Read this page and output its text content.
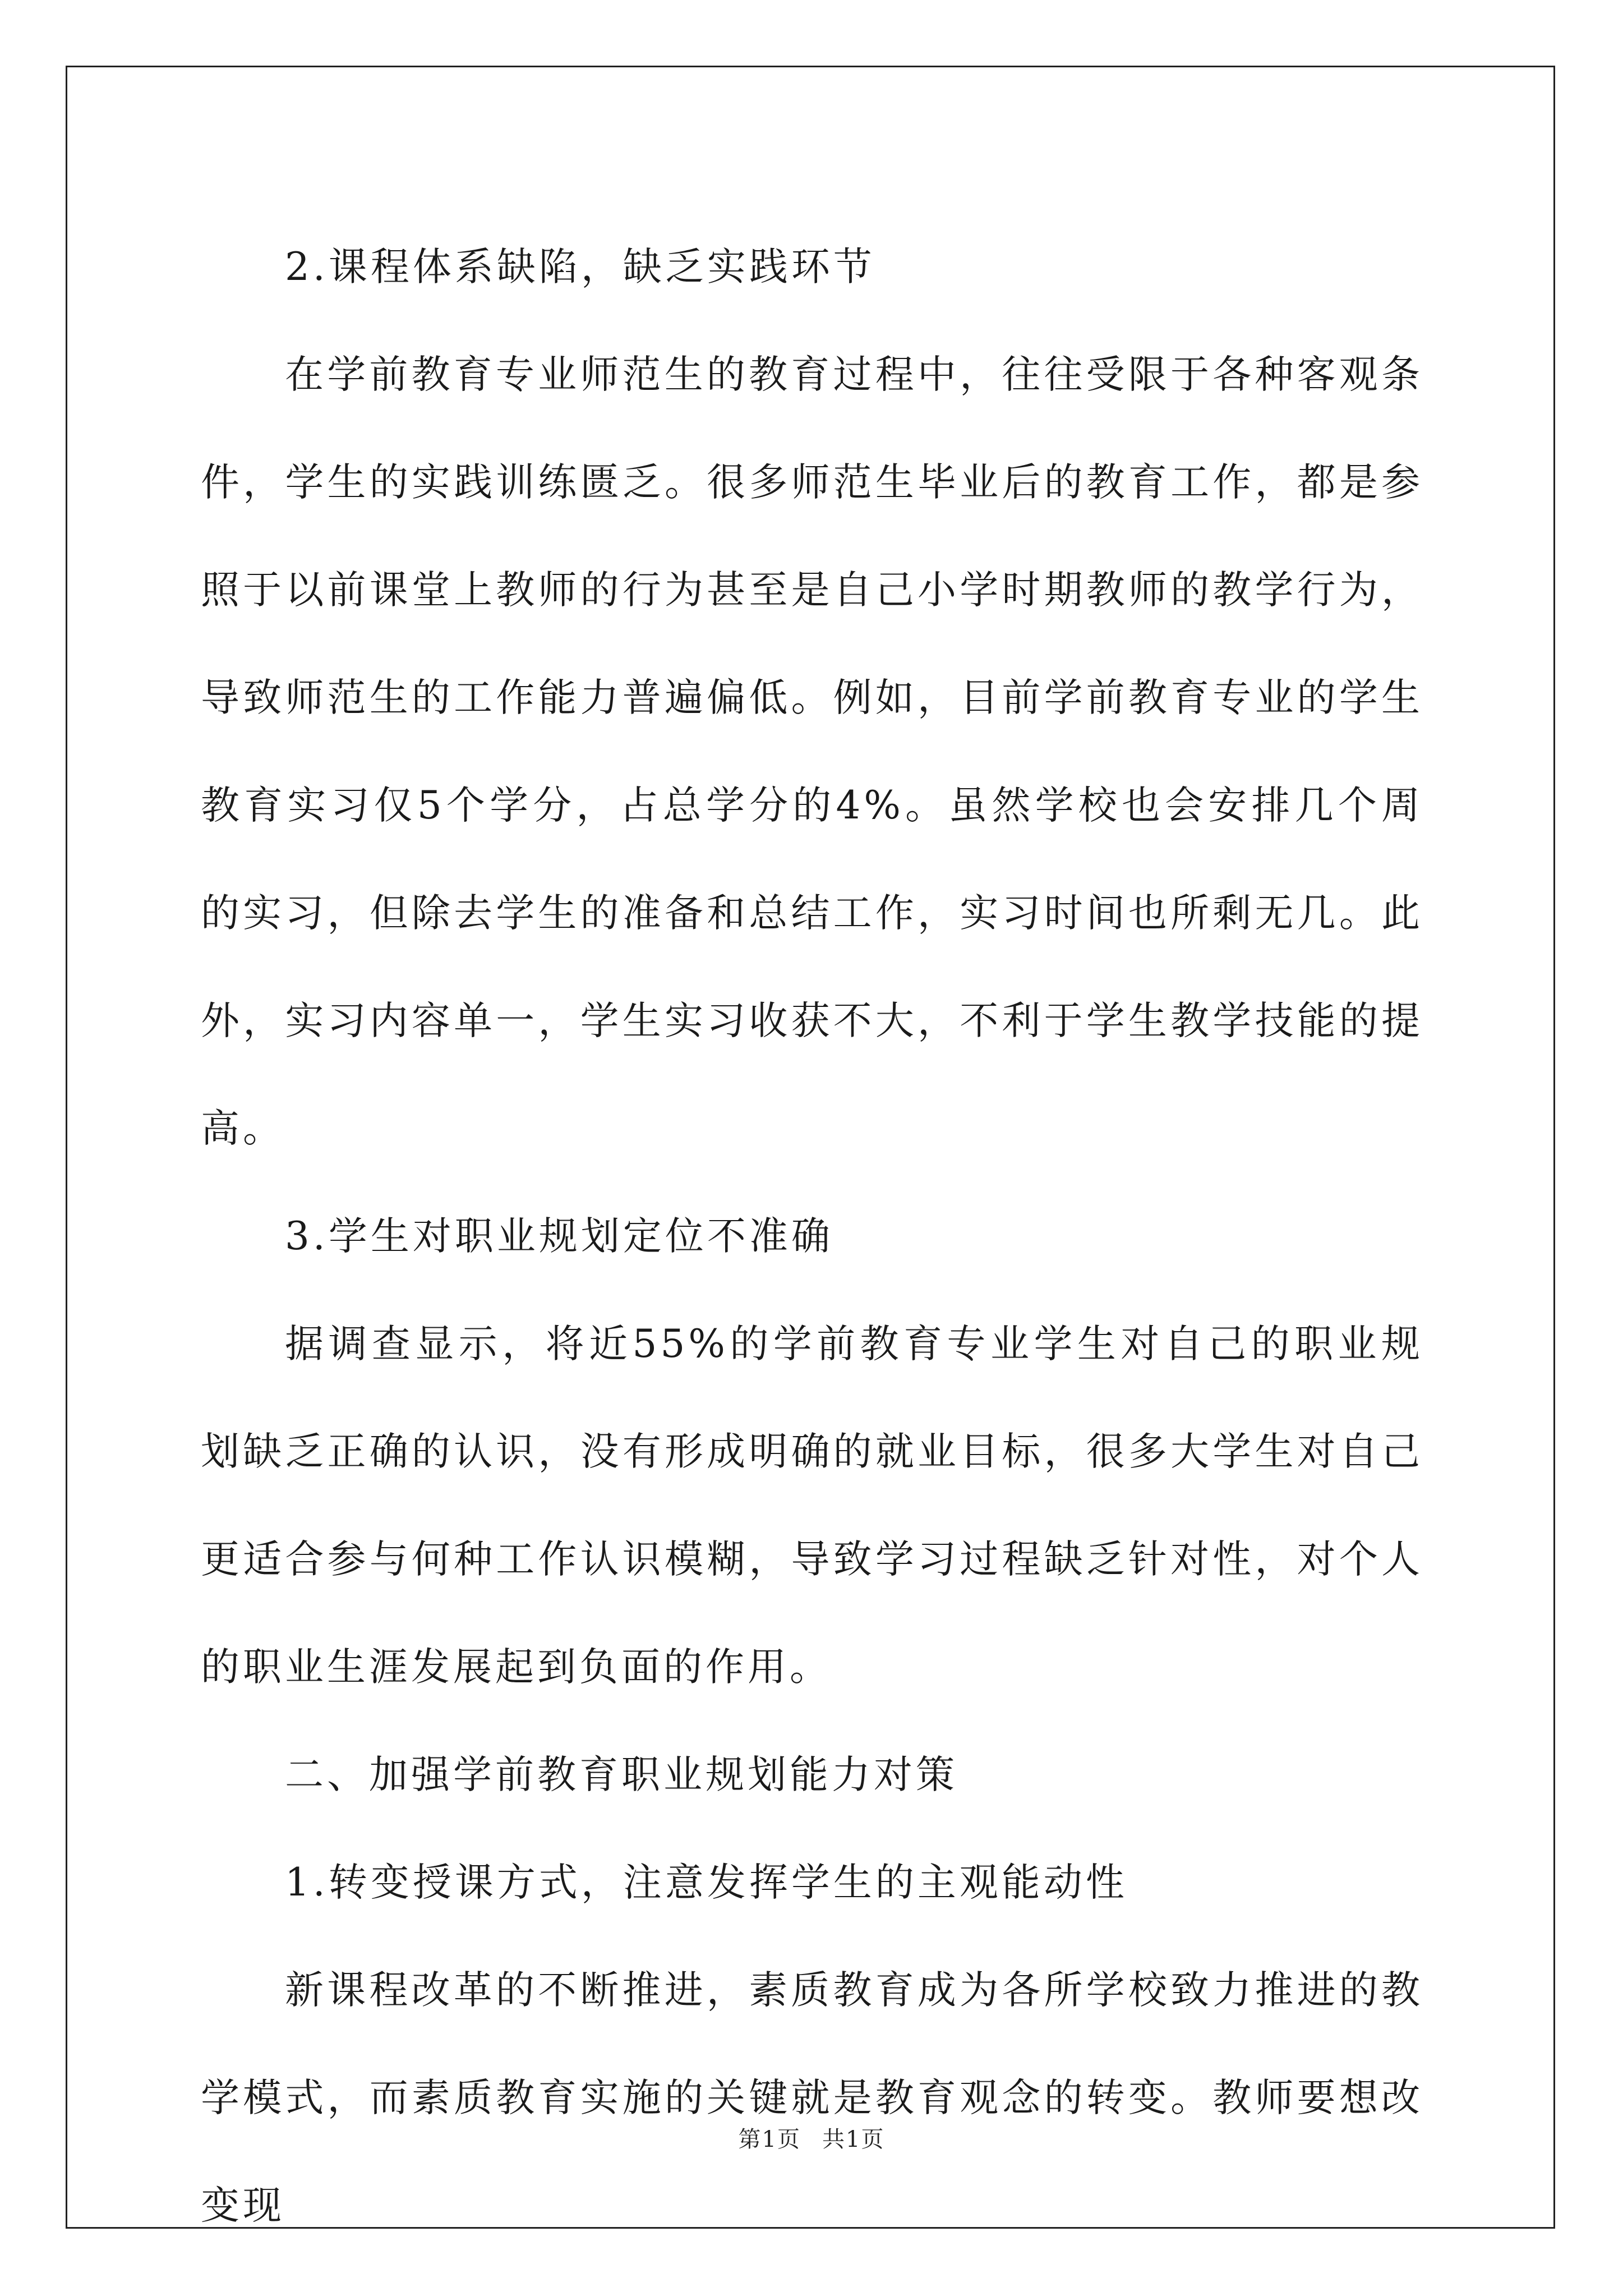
2.课程体系缺陷，缺乏实践环节

在学前教育专业师范生的教育过程中，往往受限于各种客观条件，学生的实践训练匮乏。很多师范生毕业后的教育工作，都是参照于以前课堂上教师的行为甚至是自己小学时期教师的教学行为，导致师范生的工作能力普遍偏低。例如，目前学前教育专业的学生教育实习仅5个学分，占总学分的4%。虽然学校也会安排几个周的实习，但除去学生的准备和总结工作，实习时间也所剩无几。此外，实习内容单一，学生实习收获不大，不利于学生教学技能的提高。

3.学生对职业规划定位不准确

据调查显示，将近55%的学前教育专业学生对自己的职业规划缺乏正确的认识，没有形成明确的就业目标，很多大学生对自己更适合参与何种工作认识模糊，导致学习过程缺乏针对性，对个人的职业生涯发展起到负面的作用。

二、加强学前教育职业规划能力对策

1.转变授课方式，注意发挥学生的主观能动性

新课程改革的不断推进，素质教育成为各所学校致力推进的教学模式，而素质教育实施的关键就是教育观念的转变。教师要想改变现

第1页 共1页
